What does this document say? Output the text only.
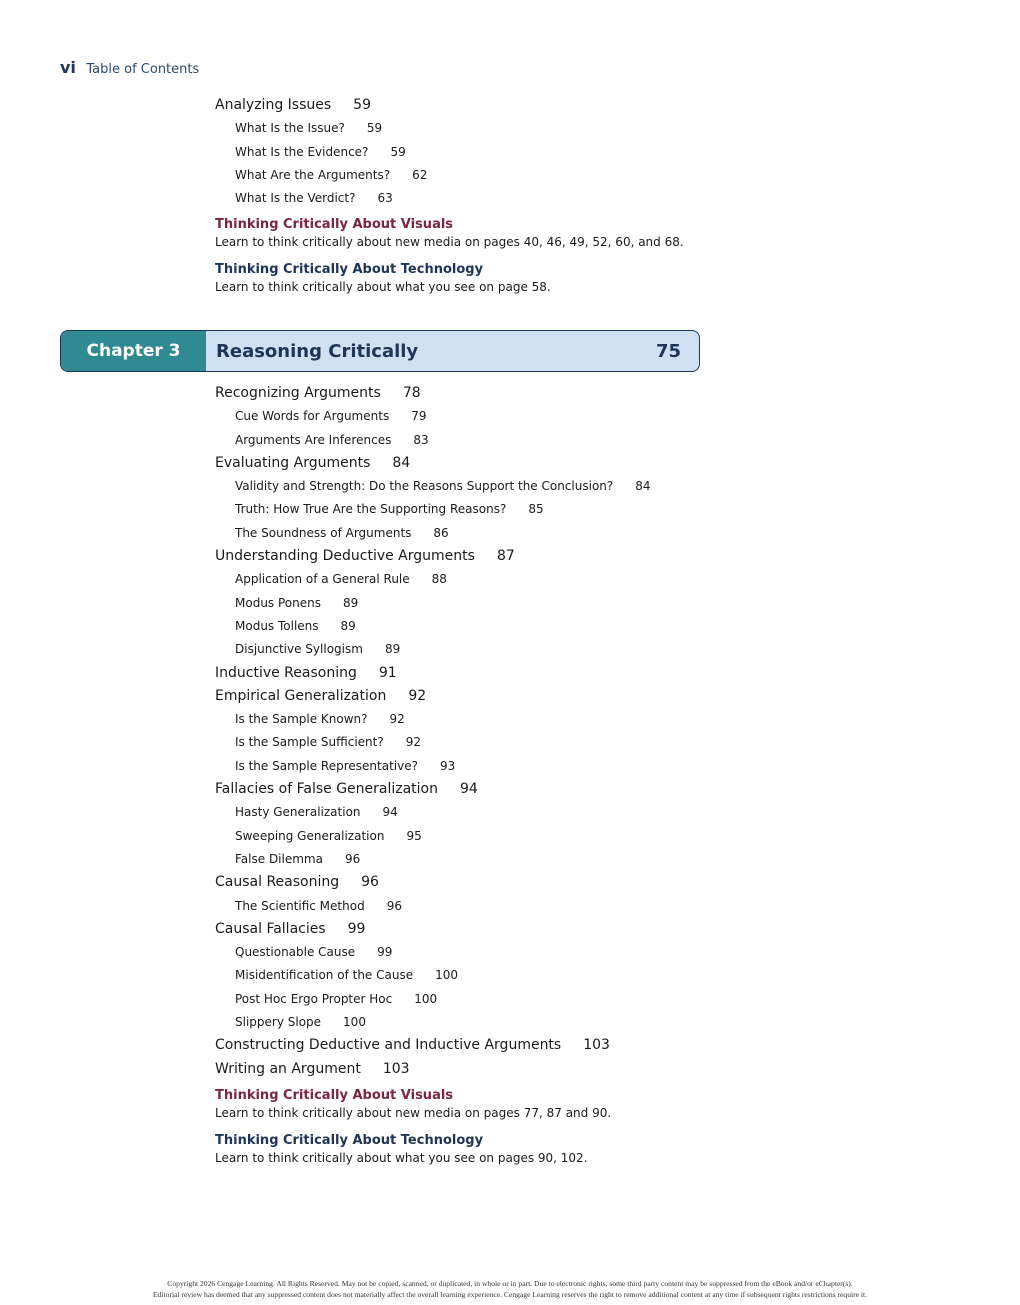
vi Table of Contents
Analyzing Issues 59
What Is the Issue? 59
What Is the Evidence? 59
What Are the Arguments? 62
What Is the Verdict? 63
Thinking Critically About Visuals
Learn to think critically about new media on pages 40, 46, 49, 52, 60, and 68.
Thinking Critically About Technology
Learn to think critically about what you see on page 58.
Chapter 3	Reasoning Critically	75
Recognizing Arguments 78
Cue Words for Arguments 79
Arguments Are Inferences 83
Evaluating Arguments 84
Validity and Strength: Do the Reasons Support the Conclusion? 84
Truth: How True Are the Supporting Reasons? 85
The Soundness of Arguments 86
Understanding Deductive Arguments 87
Application of a General Rule 88
Modus Ponens 89
Modus Tollens 89
Disjunctive Syllogism 89
Inductive Reasoning 91
Empirical Generalization 92
Is the Sample Known? 92
Is the Sample Sufficient? 92
Is the Sample Representative? 93
Fallacies of False Generalization 94
Hasty Generalization 94
Sweeping Generalization 95
False Dilemma 96
Causal Reasoning 96
The Scientific Method 96
Causal Fallacies 99
Questionable Cause 99
Misidentification of the Cause 100
Post Hoc Ergo Propter Hoc 100
Slippery Slope 100
Constructing Deductive and Inductive Arguments 103
Writing an Argument 103
Thinking Critically About Visuals
Learn to think critically about new media on pages 77, 87 and 90.
Thinking Critically About Technology
Learn to think critically about what you see on pages 90, 102.
Copyright 2026 Cengage Learning. All Rights Reserved. May not be copied, scanned, or duplicated, in whole or in part. Due to electronic rights, some third party content may be suppressed from the eBook and/or eChapter(s).
Editorial review has deemed that any suppressed content does not materially affect the overall learning experience. Cengage Learning reserves the right to remove additional content at any time if subsequent rights restrictions require it.
